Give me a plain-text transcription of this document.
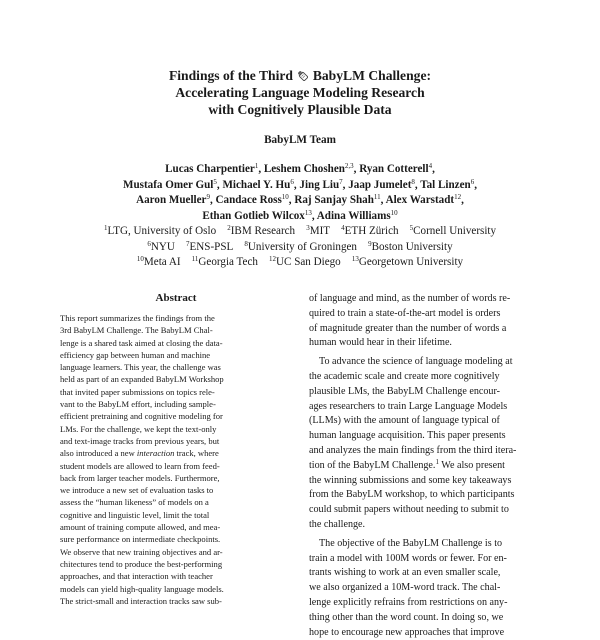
Findings of the Third BabyLM Challenge:
Accelerating Language Modeling Research
with Cognitively Plausible Data
BabyLM Team
Lucas Charpentier$^1$, Leshem Choshen$^{2,3}$, Ryan Cotterell$^4$,
Mustafa Omer Gul$^5$, Michael Y. Hu$^6$, Jing Liu$^7$, Jaap Jumelet$^8$, Tal Linzen$^6$,
Aaron Mueller$^9$, Candace Ross$^{10}$, Raj Sanjay Shah$^{11}$, Alex Warstadt$^{12}$,
Ethan Gotlieb Wilcox$^{13}$, Adina Williams$^{10}$
$^1$LTG, University of Oslo  $^2$IBM Research  $^3$MIT  $^4$ETH Zürich  $^5$Cornell University
$^6$NYU  $^7$ENS-PSL  $^8$University of Groningen  $^9$Boston University
$^{10}$Meta AI  $^{11}$Georgia Tech  $^{12}$UC San Diego  $^{13}$Georgetown University
Abstract
This report summarizes the findings from the
3rd BabyLM Challenge. The BabyLM Chal-
lenge is a shared task aimed at closing the data-
efficiency gap between human and machine
language learners. This year, the challenge was
held as part of an expanded BabyLM Workshop
that invited paper submissions on topics rele-
vant to the BabyLM effort, including sample-
efficient pretraining and cognitive modeling for
LMs. For the challenge, we kept the text-only
and text-image tracks from previous years, but
also introduced a new interaction track, where
student models are allowed to learn from feed-
back from larger teacher models. Furthermore,
we introduce a new set of evaluation tasks to
assess the “human likeness” of models on a
cognitive and linguistic level, limit the total
amount of training compute allowed, and mea-
sure performance on intermediate checkpoints.
We observe that new training objectives and ar-
chitectures tend to produce the best-performing
approaches, and that interaction with teacher
models can yield high-quality language models.
The strict-small and interaction tracks saw sub-
of language and mind, as the number of words re-
quired to train a state-of-the-art model is orders
of magnitude greater than the number of words a
human would hear in their lifetime.
To advance the science of language modeling at
the academic scale and create more cognitively
plausible LMs, the BabyLM Challenge encour-
ages researchers to train Large Language Models
(LLMs) with the amount of language typical of
human language acquisition. This paper presents
and analyzes the main findings from the third itera-
tion of the BabyLM Challenge.$^1$ We also present
the winning submissions and some key takeaways
from the BabyLM workshop, to which participants
could submit papers without needing to submit to
the challenge.
The objective of the BabyLM Challenge is to
train a model with 100M words or fewer. For en-
trants wishing to work at an even smaller scale,
we also organized a 10M-word track. The chal-
lenge explicitly refrains from restrictions on any-
thing other than the word count. In doing so, we
hope to encourage new approaches that improve
